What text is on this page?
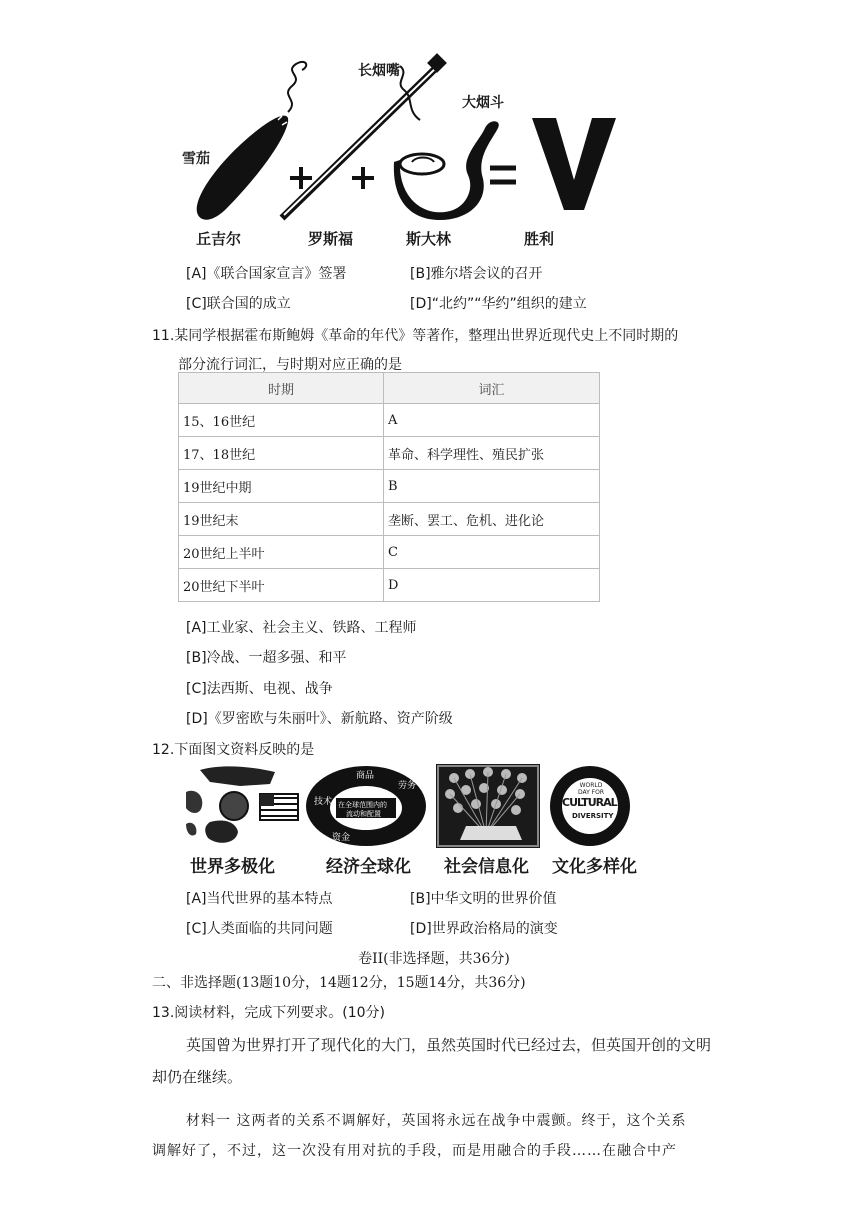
长烟嘴
大烟斗
雪茄
丘吉尔	罗斯福	斯大林	胜利
[A]《联合国家宣言》签署	[B]雅尔塔会议的召开
[C]联合国的成立	[D]“北约”“华约”组织的建立
11.某同学根据霍布斯鲍姆《革命的年代》等著作，整理出世界近现代史上不同时期的
部分流行词汇，与时期对应正确的是
时期	词汇
15、16世纪	A
17、18世纪	革命、科学理性、殖民扩张
19世纪中期	B
19世纪末	垄断、罢工、危机、进化论
20世纪上半叶	C
20世纪下半叶	D
[A]工业家、社会主义、铁路、工程师
[B]冷战、一超多强、和平
[C]法西斯、电视、战争
[D]《罗密欧与朱丽叶》、新航路、资产阶级
12.下面图文资料反映的是
商品
劳务
技术 在全球范围内的
流动和配置
资金
WORLD DAY FOR
CULTURAL
DIVERSITY
世界多极化	经济全球化 社会信息化 文化多样化
[A]当代世界的基本特点	[B]中华文明的世界价值
[C]人类面临的共同问题	[D]世界政治格局的演变
卷II(非选择题，共36分)
二、非选择题(13题10分，14题12分，15题14分，共36分)
13.阅读材料，完成下列要求。(10分)
英国曾为世界打开了现代化的大门，虽然英国时代已经过去，但英国开创的文明
却仍在继续。
材料一 这两者的关系不调解好，英国将永远在战争中震颤。终于，这个关系
调解好了，不过，这一次没有用对抗的手段，而是用融合的手段……在融合中产
